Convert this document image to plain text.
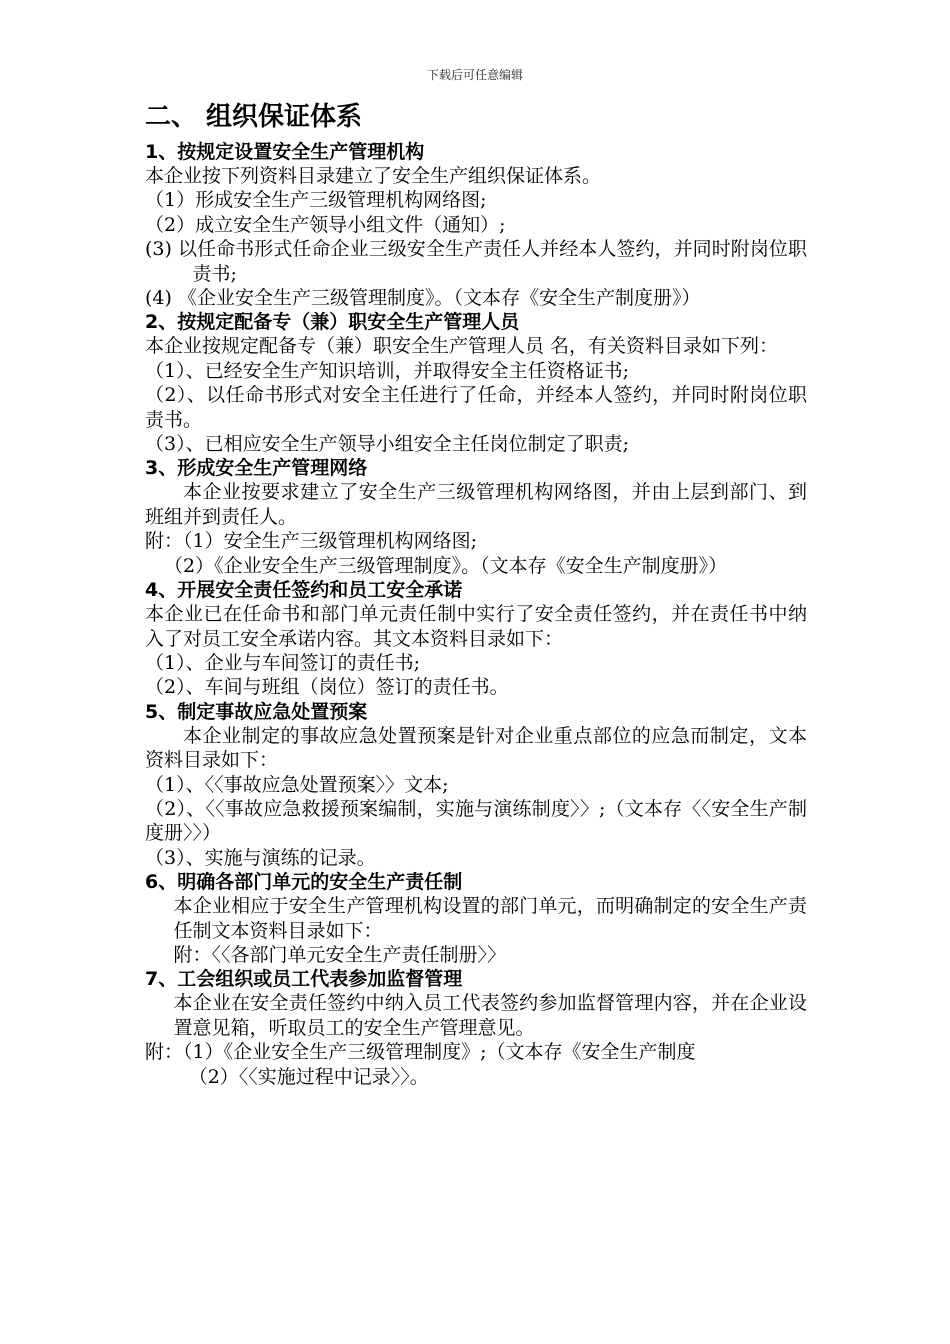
下载后可任意编辑
二、 组织保证体系
1、按规定设置安全生产管理机构
本企业按下列资料目录建立了安全生产组织保证体系。
（1）形成安全生产三级管理机构网络图;
（2）成立安全生产领导小组文件（通知）;
(3) 以任命书形式任命企业三级安全生产责任人并经本人签约，并同时附岗位职责书;
(4) 《企业安全生产三级管理制度》。（文本存《安全生产制度册》）
2、按规定配备专（兼）职安全生产管理人员
本企业按规定配备专（兼）职安全生产管理人员 名，有关资料目录如下列：
（1）、已经安全生产知识培训，并取得安全主任资格证书;
（2）、以任命书形式对安全主任进行了任命，并经本人签约，并同时附岗位职责书。
（3）、已相应安全生产领导小组安全主任岗位制定了职责;
3、形成安全生产管理网络
本企业按要求建立了安全生产三级管理机构网络图，并由上层到部门、到班组并到责任人。
附：（1）安全生产三级管理机构网络图;
（2）《企业安全生产三级管理制度》。（文本存《安全生产制度册》）
4、开展安全责任签约和员工安全承诺
本企业已在任命书和部门单元责任制中实行了安全责任签约，并在责任书中纳入了对员工安全承诺内容。其文本资料目录如下：
（1）、企业与车间签订的责任书;
（2）、车间与班组（岗位）签订的责任书。
5、制定事故应急处置预案
本企业制定的事故应急处置预案是针对企业重点部位的应急而制定，文本资料目录如下：
（1）、〈〈事故应急处置预案〉〉文本;
（2）、〈〈事故应急救援预案编制，实施与演练制度〉〉;（文本存〈〈安全生产制度册〉〉）
（3）、实施与演练的记录。
6、明确各部门单元的安全生产责任制
本企业相应于安全生产管理机构设置的部门单元，而明确制定的安全生产责任制文本资料目录如下：
附：〈〈各部门单元安全生产责任制册〉〉
7、工会组织或员工代表参加监督管理
本企业在安全责任签约中纳入员工代表签约参加监督管理内容，并在企业设置意见箱，听取员工的安全生产管理意见。
附：（1）《企业安全生产三级管理制度》;（文本存《安全生产制度
（2）〈〈实施过程中记录〉〉。
